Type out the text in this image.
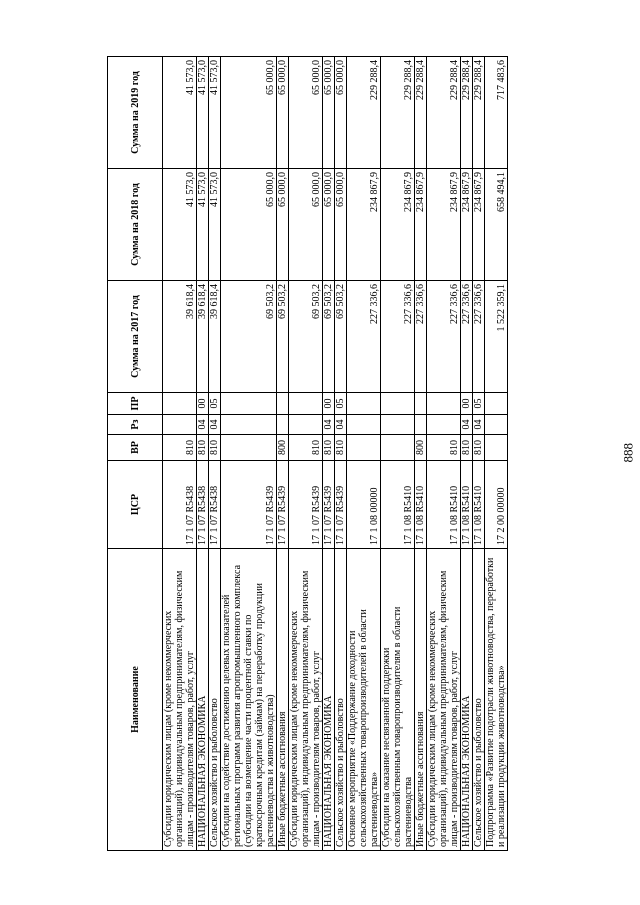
888
Наименование	ЦСР	ВР	Рз	ПР	Сумма на 2017 год	Сумма на 2018 год	Сумма на 2019 год
Субсидии юридическим лицам (кроме некоммерческих организаций), индивидуальным предпринимателям, физическим лицам - производителям товаров, работ, услуг	17 1 07 R5438	810			39 618,4	41 573,0	41 573,0
НАЦИОНАЛЬНАЯ ЭКОНОМИКА	17 1 07 R5438	810	04	00	39 618,4	41 573,0	41 573,0
Сельское хозяйство и рыболовство	17 1 07 R5438	810	04	05	39 618,4	41 573,0	41 573,0
Субсидии на содействие достижению целевых показателей региональных программ развития агропромышленного комплекса (субсидии на возмещение части процентной ставки по краткосрочным кредитам (займам) на переработку продукции растениеводства и животноводства)	17 1 07 R5439				69 503,2	65 000,0	65 000,0
Иные бюджетные ассигнования	17 1 07 R5439	800			69 503,2	65 000,0	65 000,0
Субсидии юридическим лицам (кроме некоммерческих организаций), индивидуальным предпринимателям, физическим лицам - производителям товаров, работ, услуг	17 1 07 R5439	810			69 503,2	65 000,0	65 000,0
НАЦИОНАЛЬНАЯ ЭКОНОМИКА	17 1 07 R5439	810	04	00	69 503,2	65 000,0	65 000,0
Сельское хозяйство и рыболовство	17 1 07 R5439	810	04	05	69 503,2	65 000,0	65 000,0
Основное мероприятие «Поддержание доходности сельскохозяйственных товаропроизводителей в области растениеводства»	17 1 08 00000				227 336,6	234 867,9	229 288,4
Субсидии на оказание несвязанной поддержки сельскохозяйственным товаропроизводителям в области растениеводства	17 1 08 R5410				227 336,6	234 867,9	229 288,4
Иные бюджетные ассигнования	17 1 08 R5410	800			227 336,6	234 867,9	229 288,4
Субсидии юридическим лицам (кроме некоммерческих организаций), индивидуальным предпринимателям, физическим лицам - производителям товаров, работ, услуг	17 1 08 R5410	810			227 336,6	234 867,9	229 288,4
НАЦИОНАЛЬНАЯ ЭКОНОМИКА	17 1 08 R5410	810	04	00	227 336,6	234 867,9	229 288,4
Сельское хозяйство и рыболовство	17 1 08 R5410	810	04	05	227 336,6	234 867,9	229 288,4
Подпрограмма «Развитие подотрасли животноводства, переработки и реализации продукции животноводства»	17 2 00 00000				1 522 359,1	658 494,1	717 483,6
